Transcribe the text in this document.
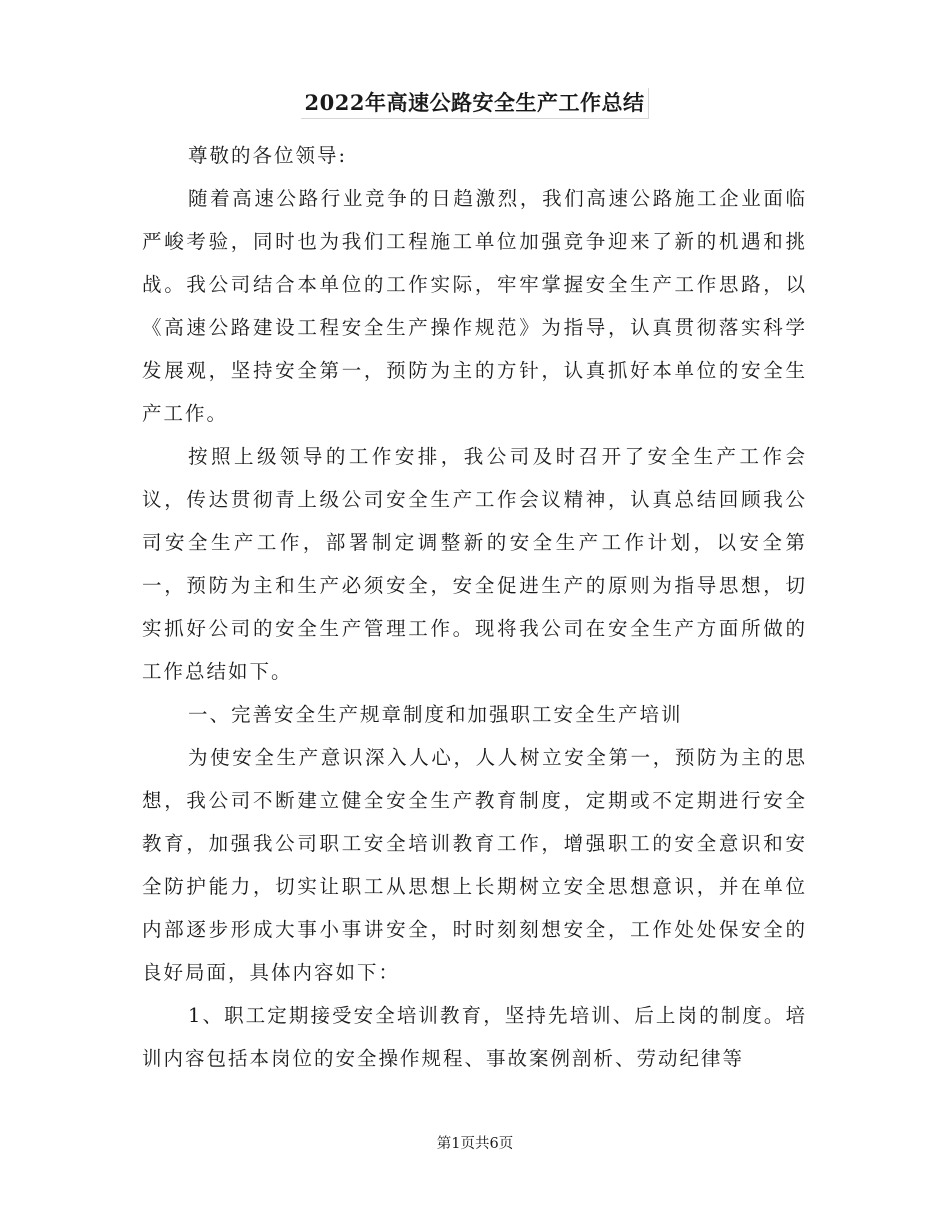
2022年高速公路安全生产工作总结

尊敬的各位领导:

随着高速公路行业竞争的日趋激烈，我们高速公路施工企业面临严峻考验，同时也为我们工程施工单位加强竞争迎来了新的机遇和挑战。我公司结合本单位的工作实际，牢牢掌握安全生产工作思路，以《高速公路建设工程安全生产操作规范》为指导，认真贯彻落实科学发展观，坚持安全第一，预防为主的方针，认真抓好本单位的安全生产工作。

按照上级领导的工作安排，我公司及时召开了安全生产工作会议，传达贯彻青上级公司安全生产工作会议精神，认真总结回顾我公司安全生产工作，部署制定调整新的安全生产工作计划，以安全第一，预防为主和生产必须安全，安全促进生产的原则为指导思想，切实抓好公司的安全生产管理工作。现将我公司在安全生产方面所做的工作总结如下。

一、完善安全生产规章制度和加强职工安全生产培训

为使安全生产意识深入人心，人人树立安全第一，预防为主的思想，我公司不断建立健全安全生产教育制度，定期或不定期进行安全教育，加强我公司职工安全培训教育工作，增强职工的安全意识和安全防护能力，切实让职工从思想上长期树立安全思想意识，并在单位内部逐步形成大事小事讲安全，时时刻刻想安全，工作处处保安全的良好局面，具体内容如下：

1、职工定期接受安全培训教育，坚持先培训、后上岗的制度。培训内容包括本岗位的安全操作规程、事故案例剖析、劳动纪律等

第1页共6页
